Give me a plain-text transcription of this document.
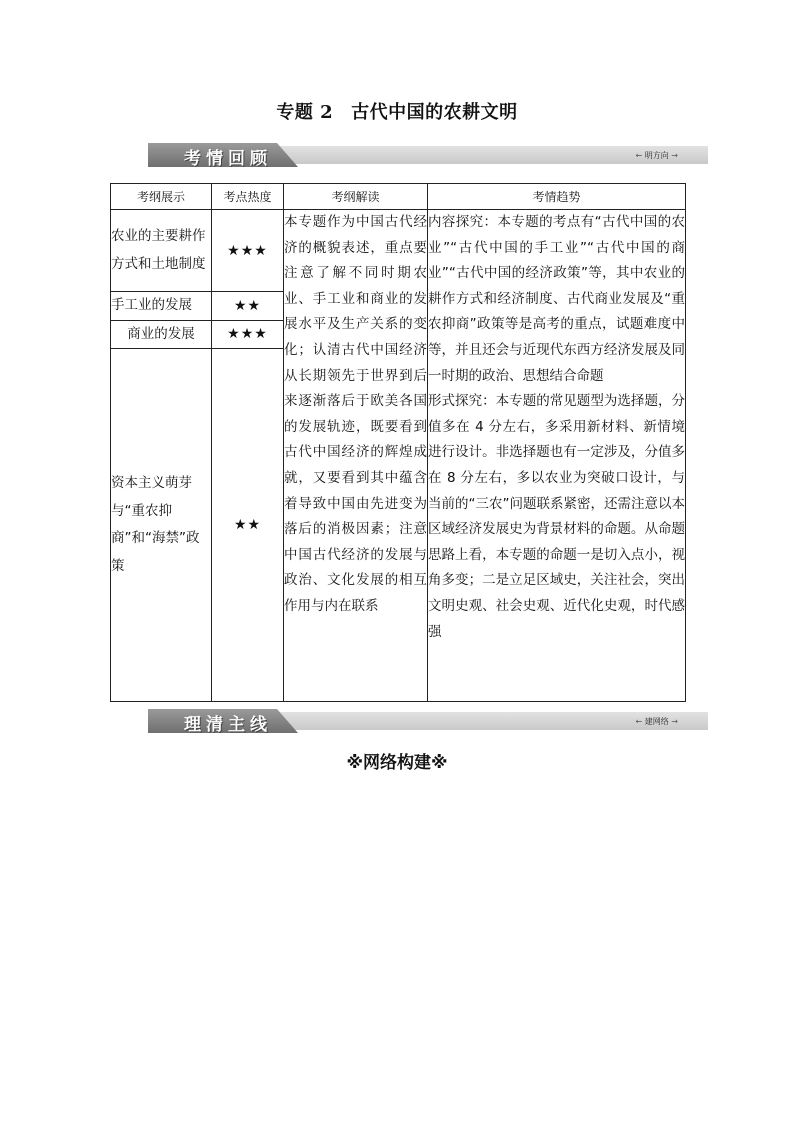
专题 2 古代中国的农耕文明
考情回顾	← 明方向 →
考纲展示	考点热度	考纲解读	考情趋势
农业的主要耕作方式和土地制度	★★★	本专题作为中国古代经济的概貌表述，重点要注意了解不同时期农业、手工业和商业的发展水平及生产关系的变化；认清古代中国经济从长期领先于世界到后来逐渐落后于欧美各国的发展轨迹，既要看到古代中国经济的辉煌成就，又要看到其中蕴含着导致中国由先进变为落后的消极因素；注意中国古代经济的发展与政治、文化发展的相互作用与内在联系	内容探究：本专题的考点有“古代中国的农业”“古代中国的手工业”“古代中国的商业”“古代中国的经济政策”等，其中农业的耕作方式和经济制度、古代商业发展及“重农抑商”政策等是高考的重点，试题难度中等，并且还会与近现代东西方经济发展及同一时期的政治、思想结合命题
形式探究：本专题的常见题型为选择题，分值多在 4 分左右，多采用新材料、新情境进行设计。非选择题也有一定涉及，分值多在 8 分左右，多以农业为突破口设计，与当前的“三农”问题联系紧密，还需注意以本区域经济发展史为背景材料的命题。从命题思路上看，本专题的命题一是切入点小，视角多变；二是立足区域史，关注社会，突出文明史观、社会史观、近代化史观，时代感强

手工业的发展	★★		
商业的发展	★★★		
资本主义萌芽与“重农抑商”和“海禁”政策	★★		
理清主线	← 建网络 →
※网络构建※
